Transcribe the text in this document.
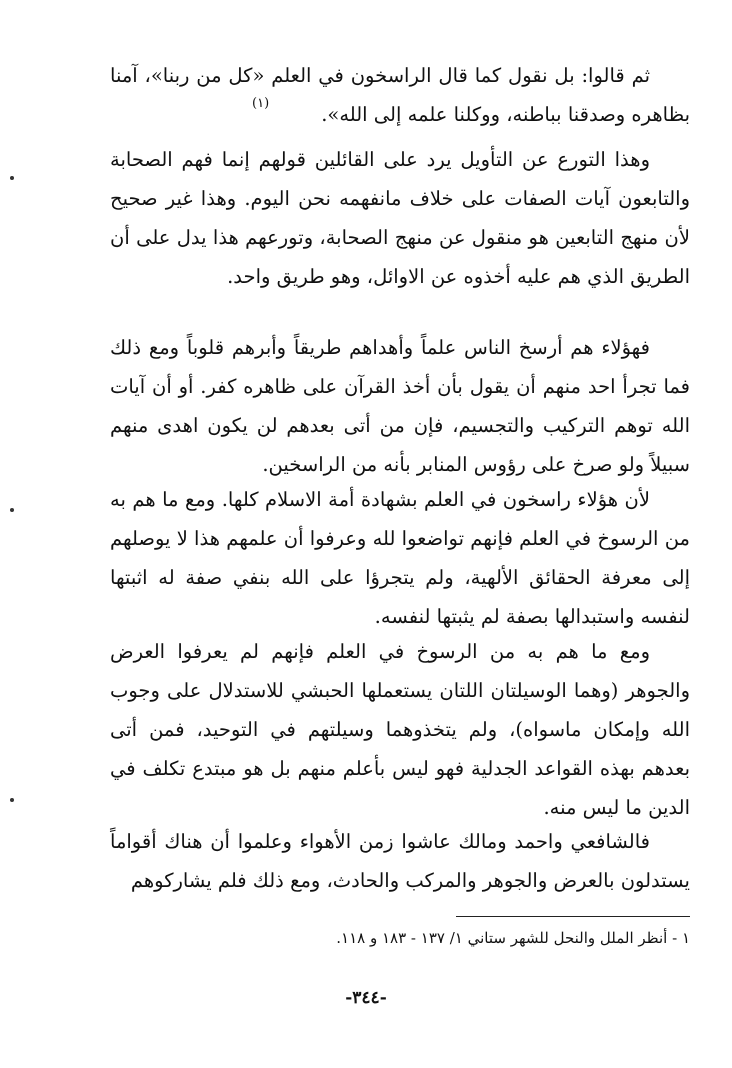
ثم قالوا: بل نقول كما قال الراسخون في العلم «كل من ربنا»، آمنا بظاهره وصدقنا بباطنه، ووكلنا علمه إلى الله».

(١)

وهذا التورع عن التأويل يرد على القائلين قولهم إنما فهم الصحابة والتابعون آيات الصفات على خلاف مانفهمه نحن اليوم. وهذا غير صحيح لأن منهج التابعين هو منقول عن منهج الصحابة، وتورعهم هذا يدل على أن الطريق الذي هم عليه أخذوه عن الاوائل، وهو طريق واحد.

فهؤلاء هم أرسخ الناس علماً وأهداهم طريقاً وأبرهم قلوباً ومع ذلك فما تجرأ احد منهم أن يقول بأن أخذ القرآن على ظاهره كفر. أو أن آيات الله توهم التركيب والتجسيم، فإن من أتى بعدهم لن يكون اهدى منهم سبيلاً ولو صرخ على رؤوس المنابر بأنه من الراسخين.

لأن هؤلاء راسخون في العلم بشهادة أمة الاسلام كلها. ومع ما هم به من الرسوخ في العلم فإنهم تواضعوا لله وعرفوا أن علمهم هذا لا يوصلهم إلى معرفة الحقائق الألهية، ولم يتجرؤا على الله بنفي صفة له اثبتها لنفسه واستبدالها بصفة لم يثبتها لنفسه.

ومع ما هم به من الرسوخ في العلم فإنهم لم يعرفوا العرض والجوهر (وهما الوسيلتان اللتان يستعملها الحبشي للاستدلال على وجوب الله وإمكان ماسواه)، ولم يتخذوهما وسيلتهم في التوحيد، فمن أتى بعدهم بهذه القواعد الجدلية فهو ليس بأعلم منهم بل هو مبتدع تكلف في الدين ما ليس منه.

فالشافعي واحمد ومالك عاشوا زمن الأهواء وعلموا أن هناك أقواماً يستدلون بالعرض والجوهر والمركب والحادث، ومع ذلك فلم يشاركوهم

١ - أنظر الملل والنحل للشهر ستاني ١/ ١٣٧ - ١٨٣ و ١١٨.
-٣٤٤-
